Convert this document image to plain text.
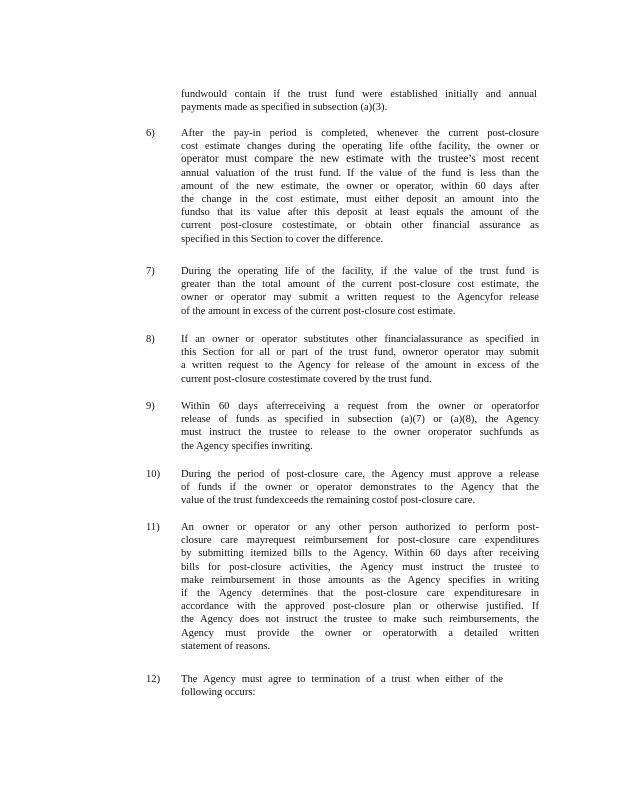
fundwould contain if the trust fund were established initially and annual
payments made as specified in subsection (a)(3).
6)	After the pay-in period is completed, whenever the current post-closure
cost estimate changes during the operating life ofthe facility, the owner or
operator must compare the new estimate with the trustee’s most recent
annual valuation of the trust fund. If the value of the fund is less than the
amount of the new estimate, the owner or operator, within 60 days after
the change in the cost estimate, must either deposit an amount into the
fundso that its value after this deposit at least equals the amount of the
current post-closure costestimate, or obtain other financial assurance as
specified in this Section to cover the difference.
7)	During the operating life of the facility, if the value of the trust fund is
greater than the total amount of the current post-closure cost estimate, the
owner or operator may submit a written request to the Agencyfor release
of the amount in excess of the current post-closure cost estimate.
8)	If an owner or operator substitutes other financialassurance as specified in
this Section for all or part of the trust fund, owneror operator may submit
a written request to the Agency for release of the amount in excess of the
current post-closure costestimate covered by the trust fund.
9)	Within 60 days afterreceiving a request from the owner or operatorfor
release of funds as specified in subsection (a)(7) or (a)(8), the Agency
must instruct the trustee to release to the owner oroperator suchfunds as
the Agency specifies inwriting.
10)	During the period of post-closure care, the Agency must approve a release
of funds if the owner or operator demonstrates to the Agency that the
value of the trust fundexceeds the remaining costof post-closure care.
11)	An owner or operator or any other person authorized to perform post-
closure care mayrequest reimbursement for post-closure care expenditures
by submitting itemized bills to the Agency. Within 60 days after receiving
bills for post-closure activities, the Agency must instruct the trustee to
make reimbursement in those amounts as the Agency specifies in writing
if the Agency determines that the post-closure care expendituresare in
accordance with the approved post-closure plan or otherwise justified. If
the Agency does not instruct the trustee to make such reimbursements, the
Agency must provide the owner or operatorwith a detailed written
statement of reasons.
12)	The Agency must agree to termination of a trust when either of the
following occurs:
